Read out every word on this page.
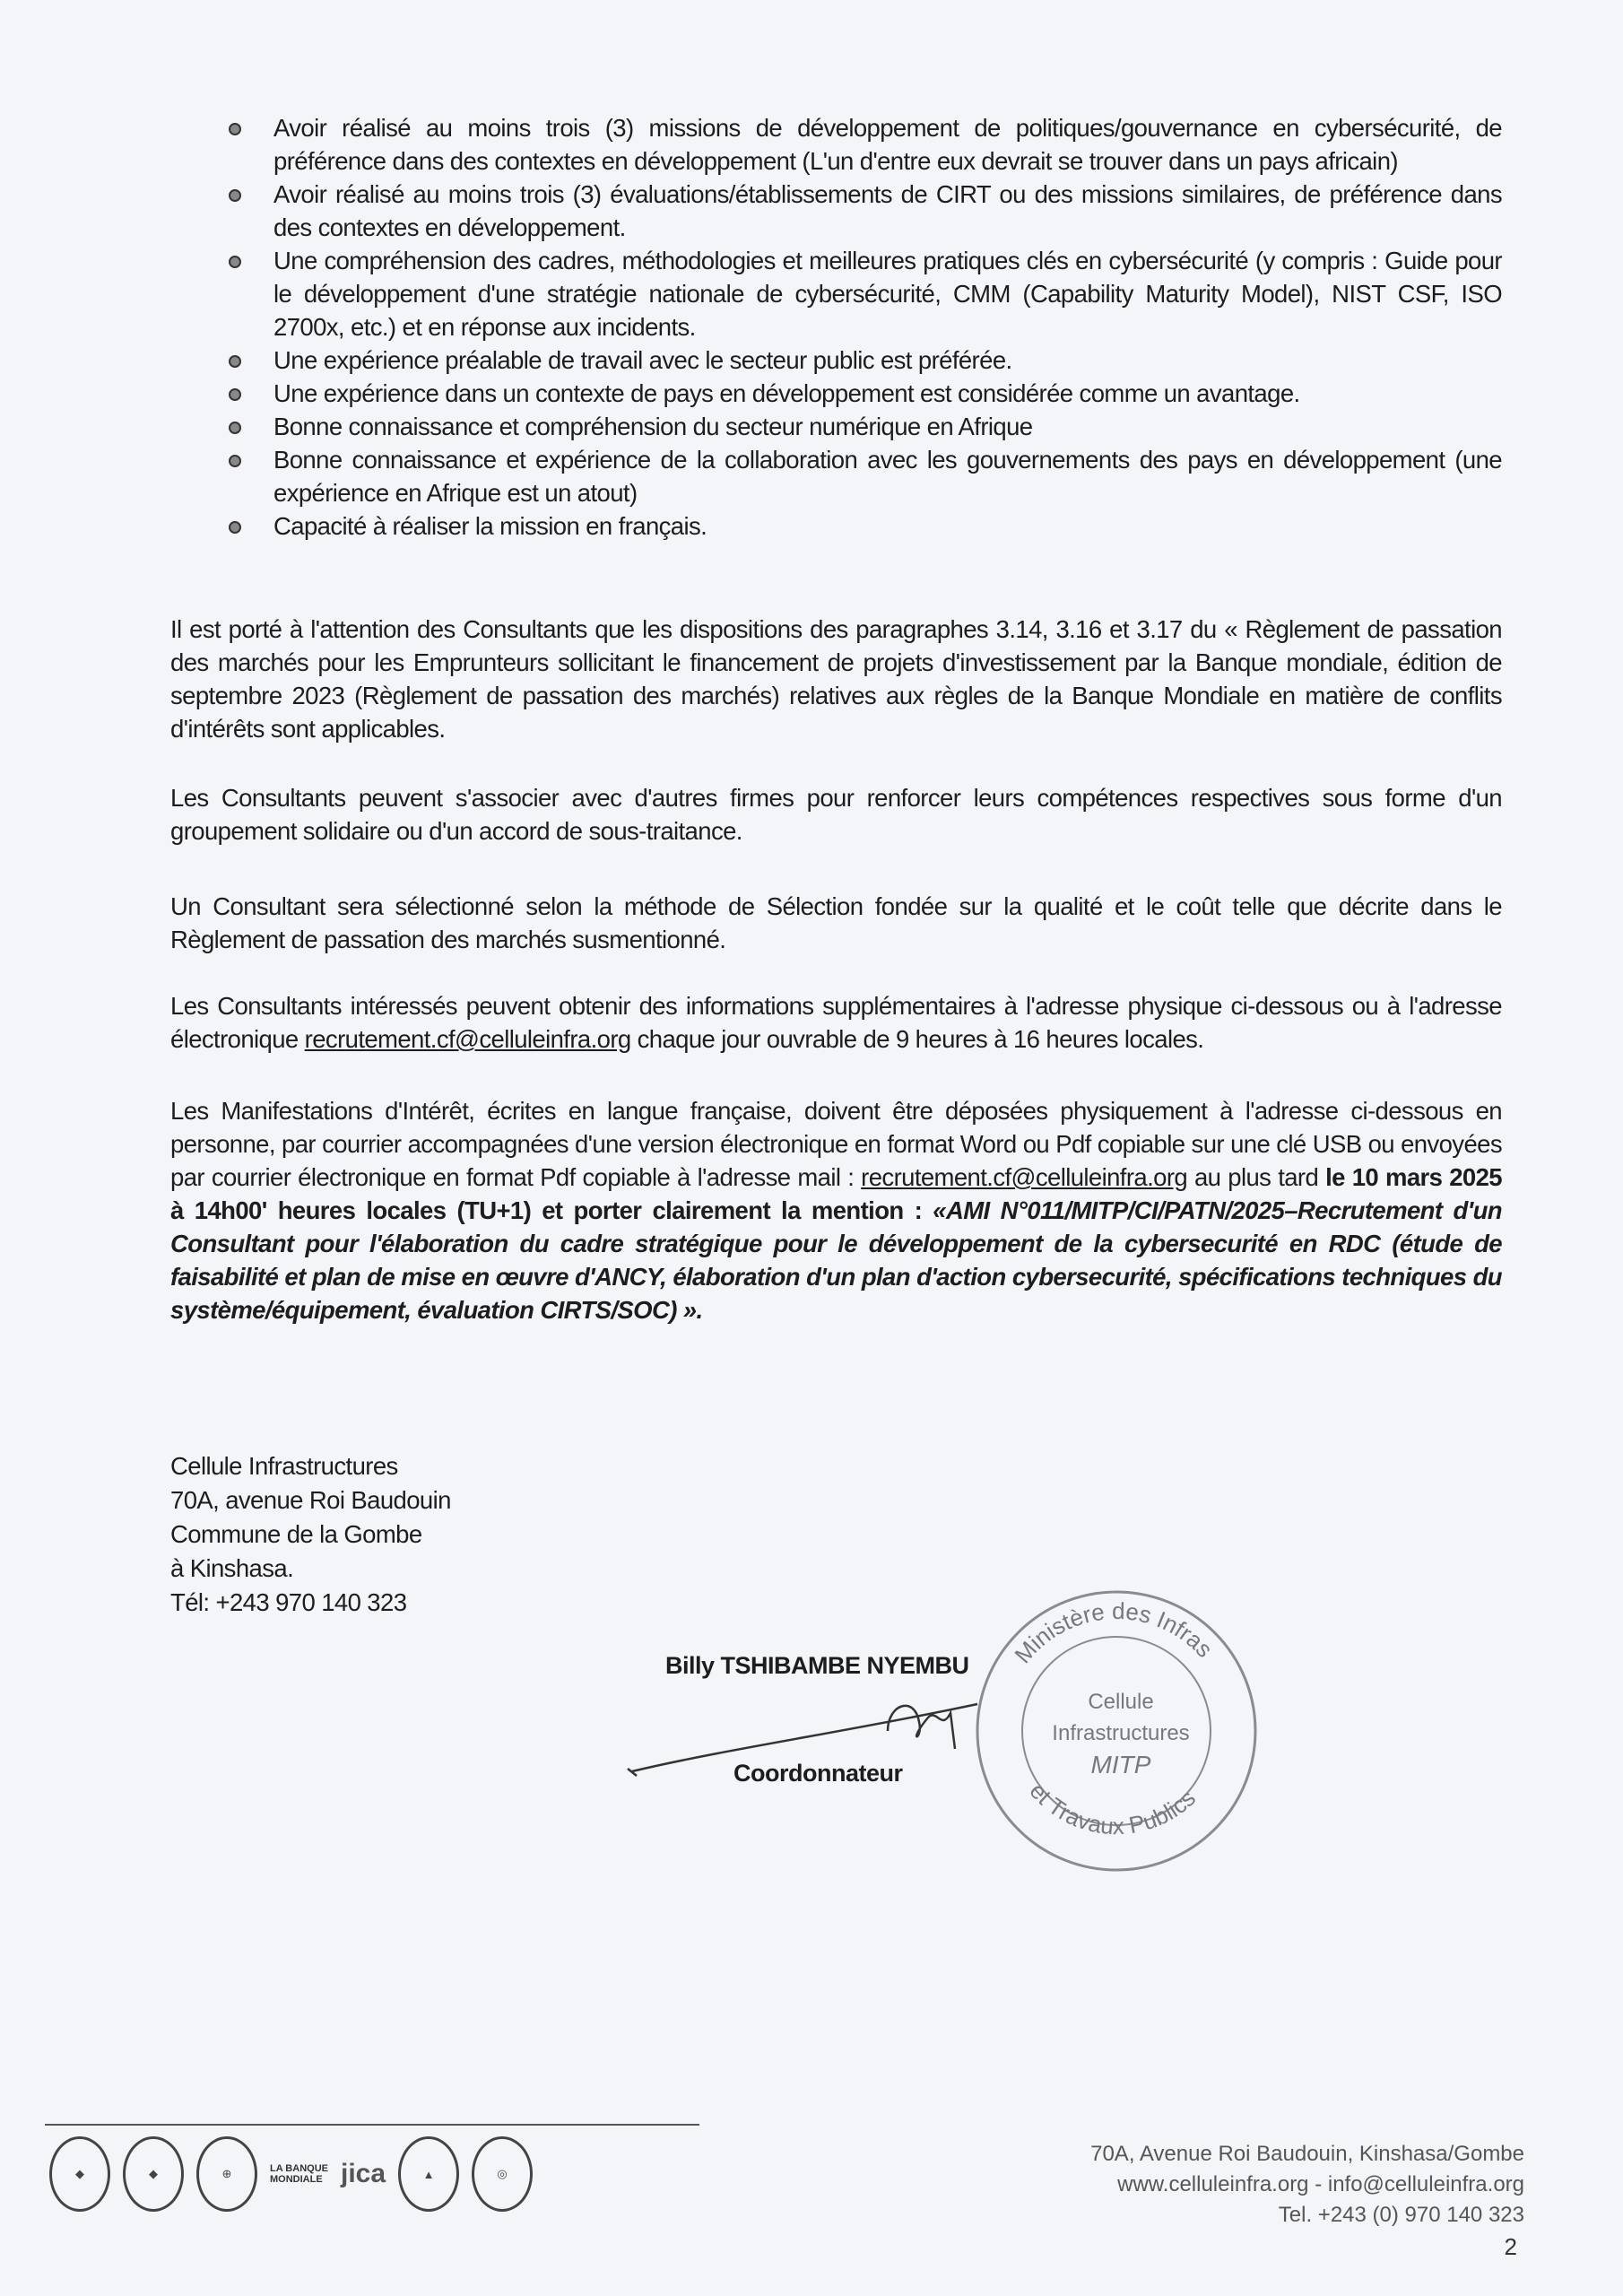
Avoir réalisé au moins trois (3) missions de développement de politiques/gouvernance en cybersécurité, de préférence dans des contextes en développement (L'un d'entre eux devrait se trouver dans un pays africain)
Avoir réalisé au moins trois (3) évaluations/établissements de CIRT ou des missions similaires, de préférence dans des contextes en développement.
Une compréhension des cadres, méthodologies et meilleures pratiques clés en cybersécurité (y compris : Guide pour le développement d'une stratégie nationale de cybersécurité, CMM (Capability Maturity Model), NIST CSF, ISO 2700x, etc.) et en réponse aux incidents.
Une expérience préalable de travail avec le secteur public est préférée.
Une expérience dans un contexte de pays en développement est considérée comme un avantage.
Bonne connaissance et compréhension du secteur numérique en Afrique
Bonne connaissance et expérience de la collaboration avec les gouvernements des pays en développement (une expérience en Afrique est un atout)
Capacité à réaliser la mission en français.

Il est porté à l'attention des Consultants que les dispositions des paragraphes 3.14, 3.16 et 3.17 du « Règlement de passation des marchés pour les Emprunteurs sollicitant le financement de projets d'investissement par la Banque mondiale, édition de septembre 2023 (Règlement de passation des marchés) relatives aux règles de la Banque Mondiale en matière de conflits d'intérêts sont applicables.

Les Consultants peuvent s'associer avec d'autres firmes pour renforcer leurs compétences respectives sous forme d'un groupement solidaire ou d'un accord de sous-traitance.

Un Consultant sera sélectionné selon la méthode de Sélection fondée sur la qualité et le coût telle que décrite dans le Règlement de passation des marchés susmentionné.

Les Consultants intéressés peuvent obtenir des informations supplémentaires à l'adresse physique ci-dessous ou à l'adresse électronique recrutement.cf@celluleinfra.org chaque jour ouvrable de 9 heures à 16 heures locales.

Les Manifestations d'Intérêt, écrites en langue française, doivent être déposées physiquement à l'adresse ci-dessous en personne, par courrier accompagnées d'une version électronique en format Word ou Pdf copiable sur une clé USB ou envoyées par courrier électronique en format Pdf copiable à l'adresse mail : recrutement.cf@celluleinfra.org au plus tard le 10 mars 2025 à 14h00' heures locales (TU+1) et porter clairement la mention : «AMI N°011/MITP/CI/PATN/2025–Recrutement d'un Consultant pour l'élaboration du cadre stratégique pour le développement de la cybersecurité en RDC (étude de faisabilité et plan de mise en œuvre d'ANCY, élaboration d'un plan d'action cybersecurité, spécifications techniques du système/équipement, évaluation CIRTS/SOC) ».

Cellule Infrastructures
70A, avenue Roi Baudouin
Commune de la Gombe
à Kinshasa.
Tél: +243 970 140 323
Billy TSHIBAMBE NYEMBU
Coordonnateur
Ministère des Infras
et Travaux Publics
Cellule
Infrastructures
MITP
◆	◆	⊕	LA BANQUE
MONDIALE jica	▲	◎
70A, Avenue Roi Baudouin, Kinshasa/Gombe
www.celluleinfra.org - info@celluleinfra.org
Tel. +243 (0) 970 140 323
2
